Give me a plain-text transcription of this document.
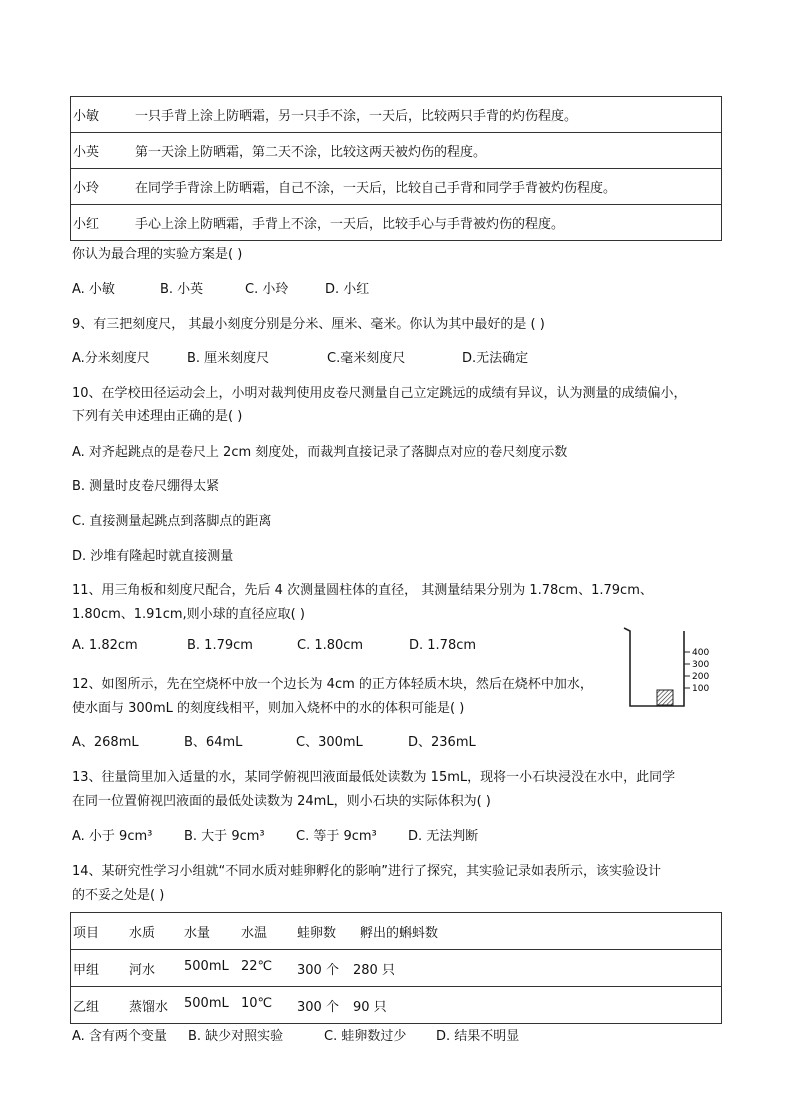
小敏	一只手背上涂上防晒霜，另一只手不涂，一天后，比较两只手背的灼伤程度。
小英	第一天涂上防晒霜，第二天不涂，比较这两天被灼伤的程度。
小玲	在同学手背涂上防晒霜，自己不涂，一天后，比较自己手背和同学手背被灼伤程度。
小红	手心上涂上防晒霜，手背上不涂，一天后，比较手心与手背被灼伤的程度。
你认为最合理的实验方案是( )
A. 小敏	B. 小英	C. 小玲	D. 小红
9、有三把刻度尺， 其最小刻度分别是分米、厘米、毫米。你认为其中最好的是 ( )
A.分米刻度尺	B. 厘米刻度尺	C.毫米刻度尺	D.无法确定
10、在学校田径运动会上，小明对裁判使用皮卷尺测量自己立定跳远的成绩有异议，认为测量的成绩偏小，
下列有关申述理由正确的是( )
A. 对齐起跳点的是卷尺上 2cm 刻度处，而裁判直接记录了落脚点对应的卷尺刻度示数
B. 测量时皮卷尺绷得太紧
C. 直接测量起跳点到落脚点的距离
D. 沙堆有隆起时就直接测量
11、用三角板和刻度尺配合，先后 4 次测量圆柱体的直径， 其测量结果分别为 1.78cm、1.79cm、
1.80cm、1.91cm,则小球的直径应取( )
A. 1.82cm	B. 1.79cm	C. 1.80cm	D. 1.78cm
12、如图所示，先在空烧杯中放一个边长为 4cm 的正方体轻质木块，然后在烧杯中加水，
使水面与 300mL 的刻度线相平，则加入烧杯中的水的体积可能是( )
A、268mL	B、64mL	C、300mL	D、236mL
400
300
200
100
13、往量筒里加入适量的水，某同学俯视凹液面最低处读数为 15mL，现将一小石块浸没在水中，此同学
在同一位置俯视凹液面的最低处读数为 24mL，则小石块的实际体积为( )
A. 小于 9cm³ B. 大于 9cm³ C. 等于 9cm³ D. 无法判断
14、某研究性学习小组就“不同水质对蛙卵孵化的影响”进行了探究，其实验记录如表所示，该实验设计
的不妥之处是( )
项目 水质 水量 水温 蛙卵数 孵出的蝌蚪数
甲组 河水 500mL 22℃ 300 个 280 只
乙组 蒸馏水 500mL 10℃ 300 个 90 只
A. 含有两个变量 B. 缺少对照实验	C. 蛙卵数过少 D. 结果不明显
